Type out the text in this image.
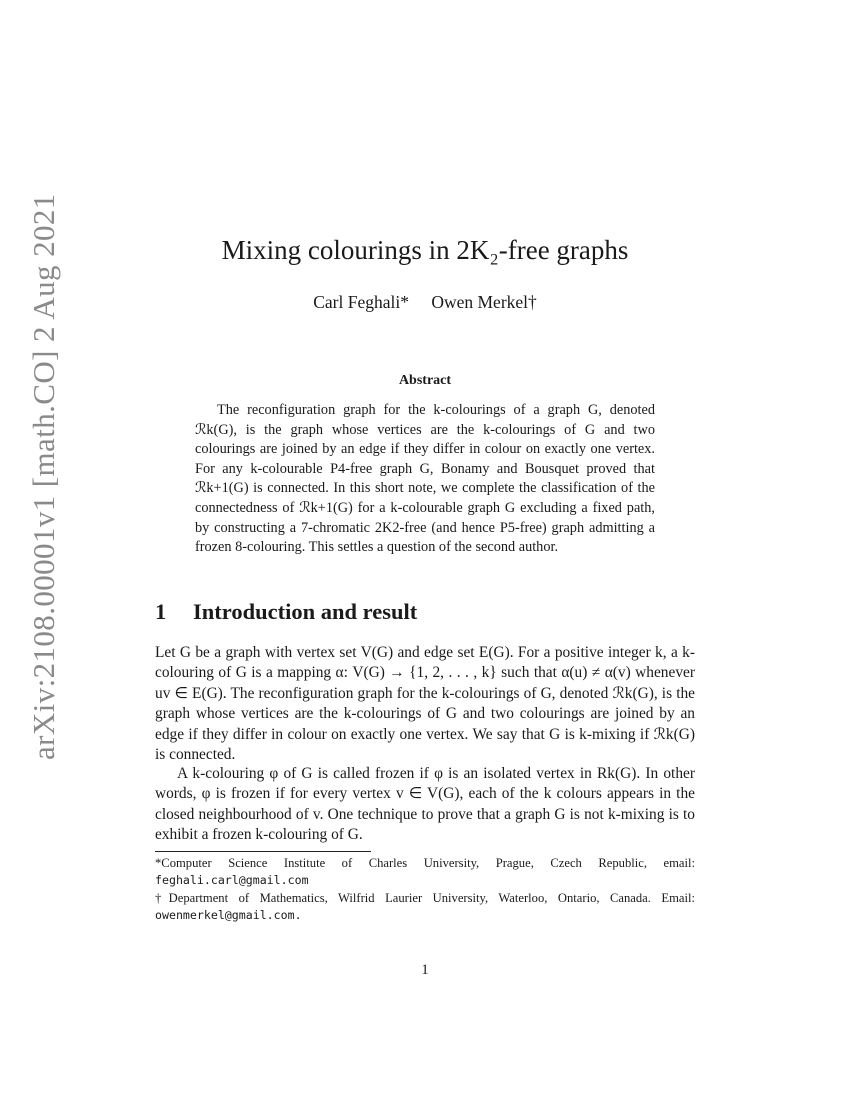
arXiv:2108.00001v1 [math.CO] 2 Aug 2021	Mixing colourings in 2K₂-free graphs
Carl Feghali* Owen Merkel†
Abstract
The reconfiguration graph for the k-colourings of a graph G, denoted ℛk(G), is the graph whose vertices are the k-colourings of G and two colourings are joined by an edge if they differ in colour on exactly one vertex. For any k-colourable P4-free graph G, Bonamy and Bousquet proved that ℛk+1(G) is connected. In this short note, we complete the classification of the connectedness of ℛk+1(G) for a k-colourable graph G excluding a fixed path, by constructing a 7-chromatic 2K2-free (and hence P5-free) graph admitting a frozen 8-colouring. This settles a question of the second author.
1 Introduction and result
Let G be a graph with vertex set V(G) and edge set E(G). For a positive integer k, a k-colouring of G is a mapping α: V(G) → {1, 2, . . . , k} such that α(u) ≠ α(v) whenever uv ∈ E(G). The reconfiguration graph for the k-colourings of G, denoted ℛk(G), is the graph whose vertices are the k-colourings of G and two colourings are joined by an edge if they differ in colour on exactly one vertex. We say that G is k-mixing if ℛk(G) is connected.
A k-colouring φ of G is called frozen if φ is an isolated vertex in Rk(G). In other words, φ is frozen if for every vertex v ∈ V(G), each of the k colours appears in the closed neighbourhood of v. One technique to prove that a graph G is not k-mixing is to exhibit a frozen k-colouring of G.
*Computer Science Institute of Charles University, Prague, Czech Republic, email: feghali.carl@gmail.com
†Department of Mathematics, Wilfrid Laurier University, Waterloo, Ontario, Canada. Email: owenmerkel@gmail.com.
1
